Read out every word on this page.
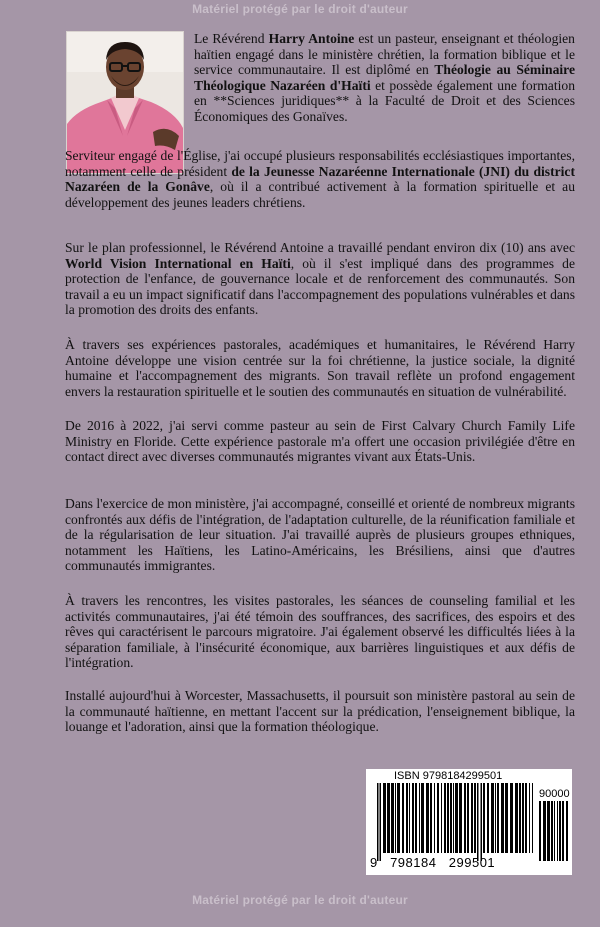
Matériel protégé par le droit d'auteur

Le Révérend Harry Antoine est un pasteur, enseignant et théologien haïtien engagé dans le ministère chrétien, la formation biblique et le service communautaire. Il est diplômé en Théologie au Séminaire Théologique Nazaréen d'Haïti et possède également une formation en **Sciences juridiques** à la Faculté de Droit et des Sciences Économiques des Gonaïves.

Serviteur engagé de l'Église, j'ai occupé plusieurs responsabilités ecclésiastiques importantes, notamment celle de président de la Jeunesse Nazaréenne Internationale (JNI) du district Nazaréen de la Gonâve, où il a contribué activement à la formation spirituelle et au développement des jeunes leaders chrétiens.

Sur le plan professionnel, le Révérend Antoine a travaillé pendant environ dix (10) ans avec World Vision International en Haïti, où il s'est impliqué dans des programmes de protection de l'enfance, de gouvernance locale et de renforcement des communautés. Son travail a eu un impact significatif dans l'accompagnement des populations vulnérables et dans la promotion des droits des enfants.

À travers ses expériences pastorales, académiques et humanitaires, le Révérend Harry Antoine développe une vision centrée sur la foi chrétienne, la justice sociale, la dignité humaine et l'accompagnement des migrants. Son travail reflète un profond engagement envers la restauration spirituelle et le soutien des communautés en situation de vulnérabilité.

De 2016 à 2022, j'ai servi comme pasteur au sein de First Calvary Church Family Life Ministry en Floride. Cette expérience pastorale m'a offert une occasion privilégiée d'être en contact direct avec diverses communautés migrantes vivant aux États-Unis.

Dans l'exercice de mon ministère, j'ai accompagné, conseillé et orienté de nombreux migrants confrontés aux défis de l'intégration, de l'adaptation culturelle, de la réunification familiale et de la régularisation de leur situation. J'ai travaillé auprès de plusieurs groupes ethniques, notamment les Haïtiens, les Latino-Américains, les Brésiliens, ainsi que d'autres communautés immigrantes.

À travers les rencontres, les visites pastorales, les séances de counseling familial et les activités communautaires, j'ai été témoin des souffrances, des sacrifices, des espoirs et des rêves qui caractérisent le parcours migratoire. J'ai également observé les difficultés liées à la séparation familiale, à l'insécurité économique, aux barrières linguistiques et aux défis de l'intégration.

Installé aujourd'hui à Worcester, Massachusetts, il poursuit son ministère pastoral au sein de la communauté haïtienne, en mettant l'accent sur la prédication, l'enseignement biblique, la louange et l'adoration, ainsi que la formation théologique.

ISBN 9798184299501
90000
9   798184   299501
Matériel protégé par le droit d'auteur
